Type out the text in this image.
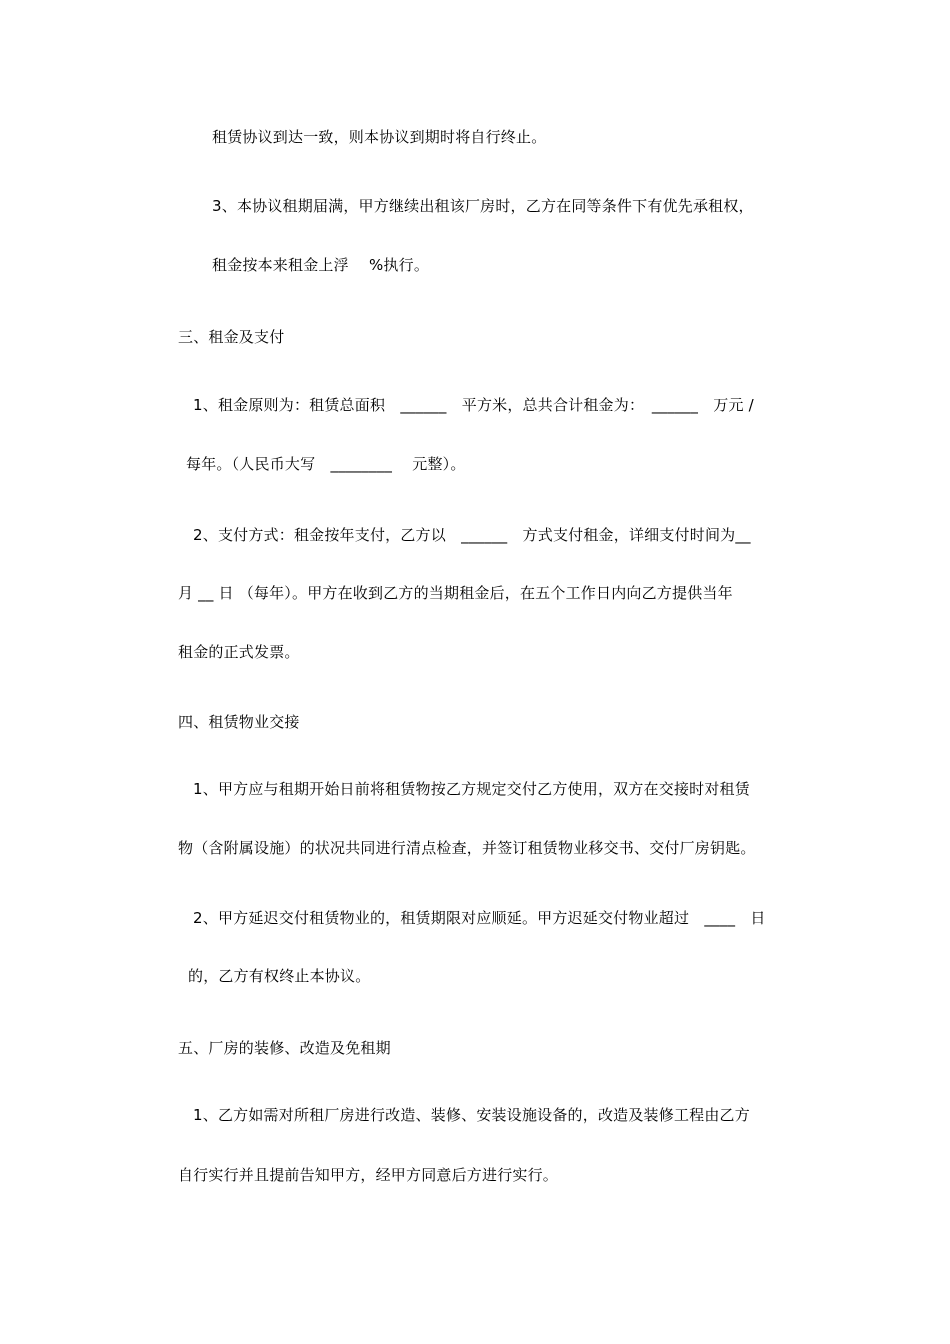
租赁协议到达一致，则本协议到期时将自行终止。
3、本协议租期届满，甲方继续出租该厂房时，乙方在同等条件下有优先承租权，
租金按本来租金上浮　 %执行。
三、租金及支付
1、租金原则为：租赁总面积　______　平方米，总共合计租金为：　______　万元 /
每年。（人民币大写　________　 元整）。
2、支付方式：租金按年支付，乙方以　______　方式支付租金，详细支付时间为__
月 __ 日 （每年）。甲方在收到乙方的当期租金后，在五个工作日内向乙方提供当年
租金的正式发票。
四、租赁物业交接
1、甲方应与租期开始日前将租赁物按乙方规定交付乙方使用，双方在交接时对租赁
物（含附属设施）的状况共同进行清点检查，并签订租赁物业移交书、交付厂房钥匙。
2、甲方延迟交付租赁物业的，租赁期限对应顺延。甲方迟延交付物业超过　____　日
的，乙方有权终止本协议。
五、厂房的装修、改造及免租期
1、乙方如需对所租厂房进行改造、装修、安装设施设备的，改造及装修工程由乙方
自行实行并且提前告知甲方，经甲方同意后方进行实行。
